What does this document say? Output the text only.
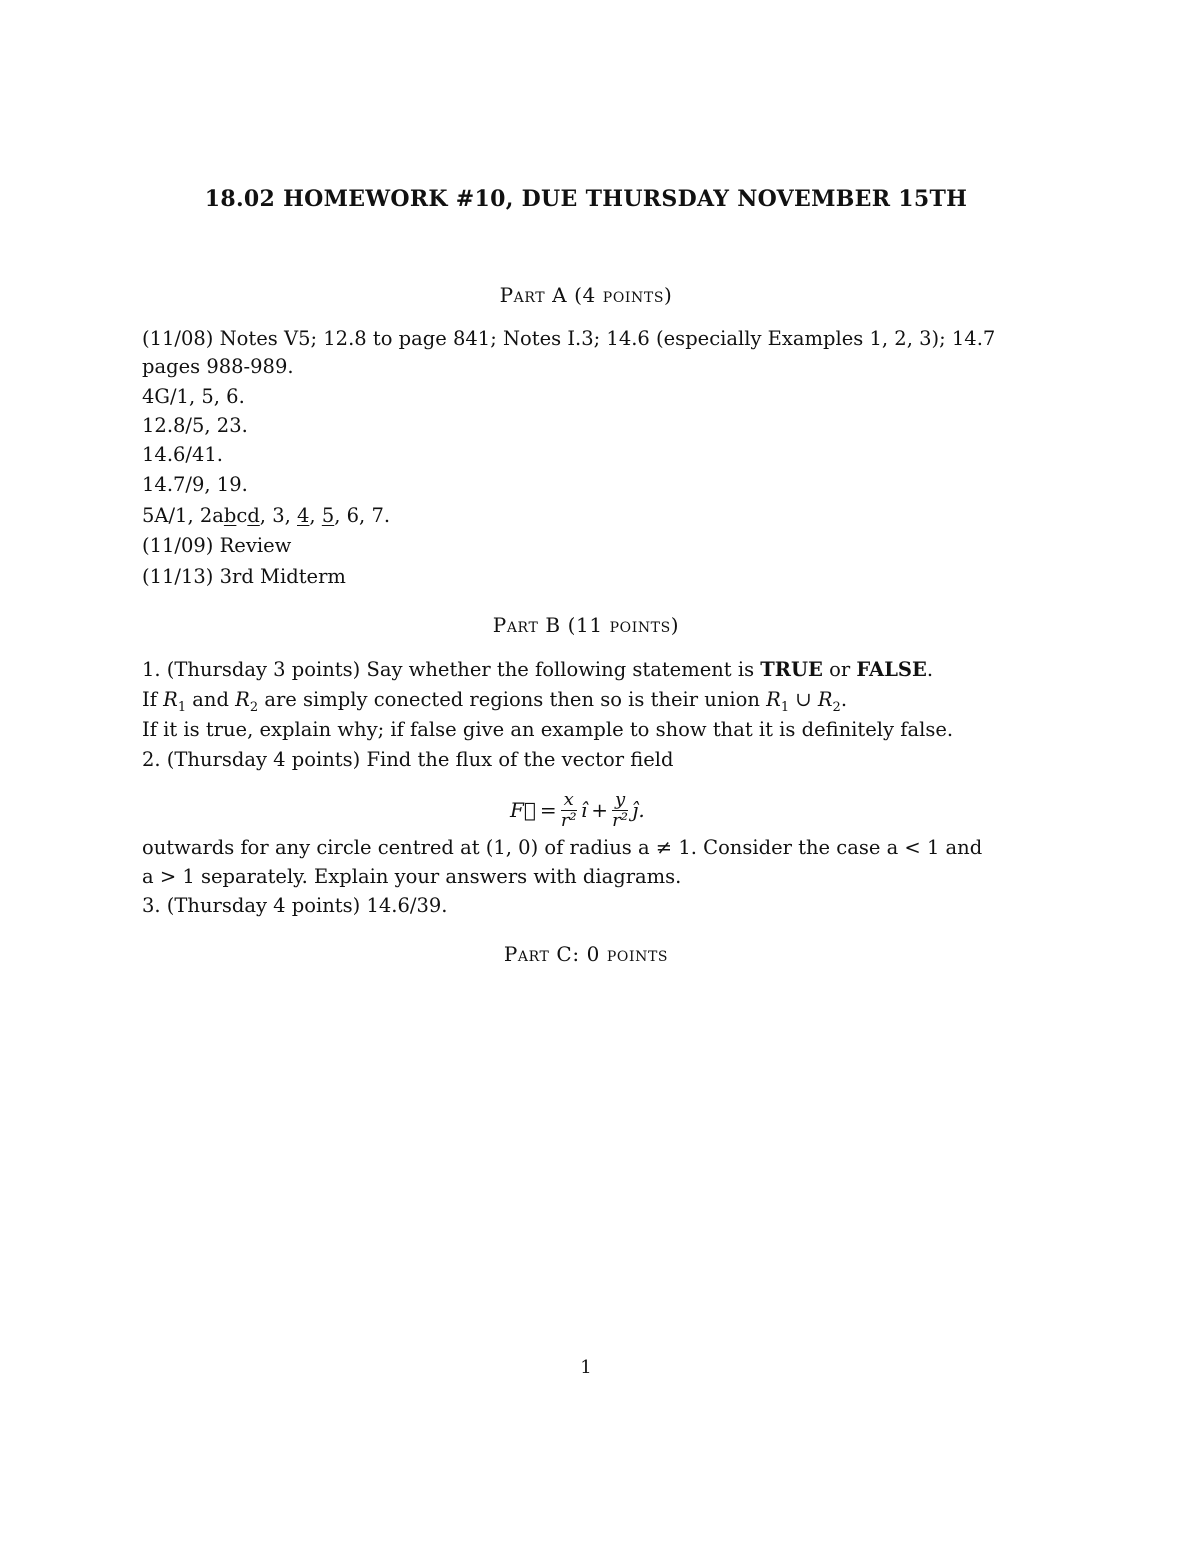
18.02 HOMEWORK #10, DUE THURSDAY NOVEMBER 15TH
Part A (4 points)
(11/08) Notes V5; 12.8 to page 841; Notes I.3; 14.6 (especially Examples 1, 2, 3); 14.7
pages 988-989.
4G/1, 5, 6.
12.8/5, 23.
14.6/41.
14.7/9, 19.
5A/1, 2abcd, 3, 4, 5, 6, 7.
(11/09) Review
(11/13) 3rd Midterm
Part B (11 points)
1. (Thursday 3 points) Say whether the following statement is TRUE or FALSE.
If $R_1$ and $R_2$ are simply conected regions then so is their union $R_1$ ∪ $R_2$.
If it is true, explain why; if false give an example to show that it is definitely false.
2. (Thursday 4 points) Find the flux of the vector field
F⃗ = $\frac{x}{\text{r²}}$ î + $\frac{y}{\text{r²}}$ ĵ.
outwards for any circle centred at (1, 0) of radius a ≠ 1. Consider the case a < 1 and
a > 1 separately. Explain your answers with diagrams.
3. (Thursday 4 points) 14.6/39.
Part C: 0 points
1
